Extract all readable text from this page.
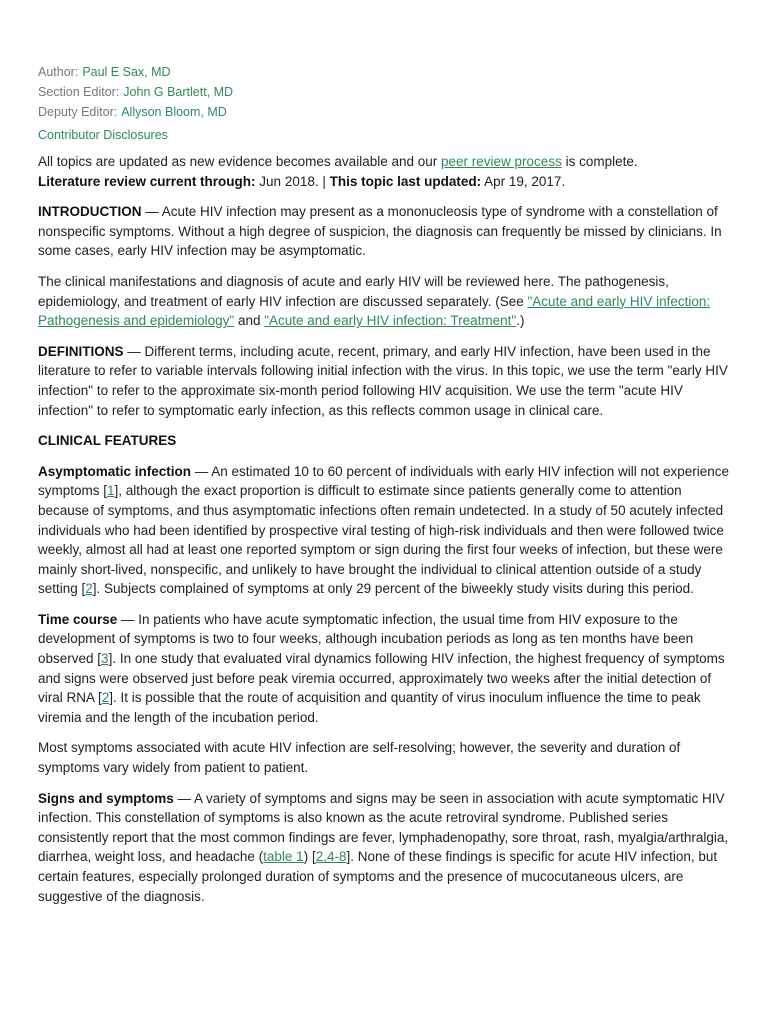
Author: Paul E Sax, MD
Section Editor: John G Bartlett, MD
Deputy Editor: Allyson Bloom, MD
Contributor Disclosures

All topics are updated as new evidence becomes available and our peer review process is complete.
Literature review current through: Jun 2018. | This topic last updated: Apr 19, 2017.

INTRODUCTION — Acute HIV infection may present as a mononucleosis type of syndrome with a constellation of nonspecific symptoms. Without a high degree of suspicion, the diagnosis can frequently be missed by clinicians. In some cases, early HIV infection may be asymptomatic.

The clinical manifestations and diagnosis of acute and early HIV will be reviewed here. The pathogenesis, epidemiology, and treatment of early HIV infection are discussed separately. (See "Acute and early HIV infection: Pathogenesis and epidemiology" and "Acute and early HIV infection: Treatment".)

DEFINITIONS — Different terms, including acute, recent, primary, and early HIV infection, have been used in the literature to refer to variable intervals following initial infection with the virus. In this topic, we use the term "early HIV infection" to refer to the approximate six-month period following HIV acquisition. We use the term "acute HIV infection" to refer to symptomatic early infection, as this reflects common usage in clinical care.

CLINICAL FEATURES

Asymptomatic infection — An estimated 10 to 60 percent of individuals with early HIV infection will not experience symptoms [1], although the exact proportion is difficult to estimate since patients generally come to attention because of symptoms, and thus asymptomatic infections often remain undetected. In a study of 50 acutely infected individuals who had been identified by prospective viral testing of high-risk individuals and then were followed twice weekly, almost all had at least one reported symptom or sign during the first four weeks of infection, but these were mainly short-lived, nonspecific, and unlikely to have brought the individual to clinical attention outside of a study setting [2]. Subjects complained of symptoms at only 29 percent of the biweekly study visits during this period.

Time course — In patients who have acute symptomatic infection, the usual time from HIV exposure to the development of symptoms is two to four weeks, although incubation periods as long as ten months have been observed [3]. In one study that evaluated viral dynamics following HIV infection, the highest frequency of symptoms and signs were observed just before peak viremia occurred, approximately two weeks after the initial detection of viral RNA [2]. It is possible that the route of acquisition and quantity of virus inoculum influence the time to peak viremia and the length of the incubation period.

Most symptoms associated with acute HIV infection are self-resolving; however, the severity and duration of symptoms vary widely from patient to patient.

Signs and symptoms — A variety of symptoms and signs may be seen in association with acute symptomatic HIV infection. This constellation of symptoms is also known as the acute retroviral syndrome. Published series consistently report that the most common findings are fever, lymphadenopathy, sore throat, rash, myalgia/arthralgia, diarrhea, weight loss, and headache (table 1) [2,4-8]. None of these findings is specific for acute HIV infection, but certain features, especially prolonged duration of symptoms and the presence of mucocutaneous ulcers, are suggestive of the diagnosis.
